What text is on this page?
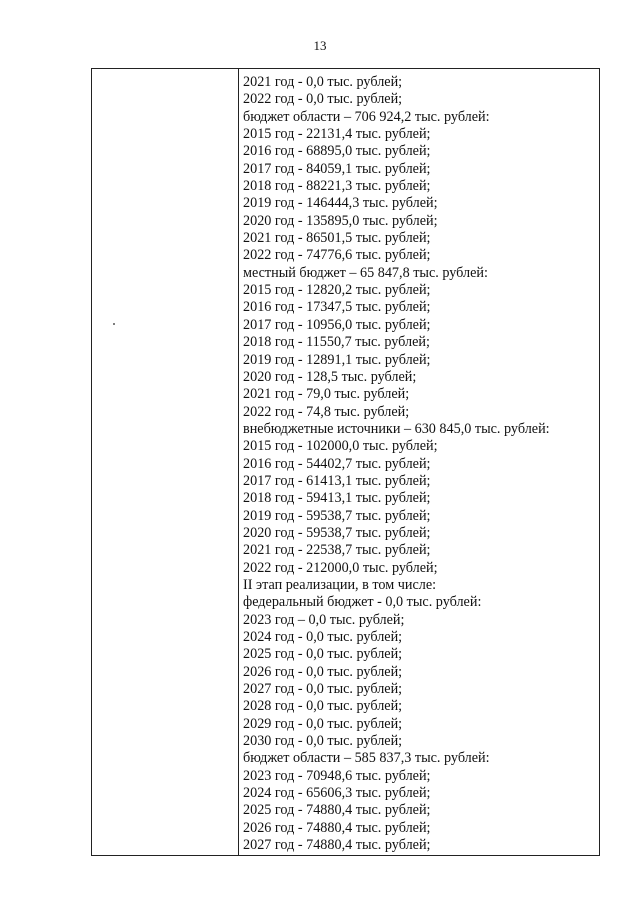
13
2021 год - 0,0 тыс. рублей;
2022 год - 0,0 тыс. рублей;
бюджет области – 706 924,2 тыс. рублей:
2015 год - 22131,4 тыс. рублей;
2016 год - 68895,0 тыс. рублей;
2017 год - 84059,1 тыс. рублей;
2018 год - 88221,3 тыс. рублей;
2019 год - 146444,3 тыс. рублей;
2020 год - 135895,0 тыс. рублей;
2021 год - 86501,5 тыс. рублей;
2022 год - 74776,6 тыс. рублей;
местный бюджет – 65 847,8 тыс. рублей:
2015 год - 12820,2 тыс. рублей;
2016 год - 17347,5 тыс. рублей;
2017 год - 10956,0 тыс. рублей;
2018 год - 11550,7 тыс. рублей;
2019 год - 12891,1 тыс. рублей;
2020 год - 128,5 тыс. рублей;
2021 год - 79,0 тыс. рублей;
2022 год - 74,8 тыс. рублей;
внебюджетные источники – 630 845,0 тыс. рублей:
2015 год - 102000,0 тыс. рублей;
2016 год - 54402,7 тыс. рублей;
2017 год - 61413,1 тыс. рублей;
2018 год - 59413,1 тыс. рублей;
2019 год - 59538,7 тыс. рублей;
2020 год - 59538,7 тыс. рублей;
2021 год - 22538,7 тыс. рублей;
2022 год - 212000,0 тыс. рублей;
II этап реализации, в том числе:
федеральный бюджет - 0,0 тыс. рублей:
2023 год – 0,0 тыс. рублей;
2024 год - 0,0 тыс. рублей;
2025 год - 0,0 тыс. рублей;
2026 год - 0,0 тыс. рублей;
2027 год - 0,0 тыс. рублей;
2028 год - 0,0 тыс. рублей;
2029 год - 0,0 тыс. рублей;
2030 год - 0,0 тыс. рублей;
бюджет области – 585 837,3 тыс. рублей:
2023 год - 70948,6 тыс. рублей;
2024 год - 65606,3 тыс. рублей;
2025 год - 74880,4 тыс. рублей;
2026 год - 74880,4 тыс. рублей;
2027 год - 74880,4 тыс. рублей;
